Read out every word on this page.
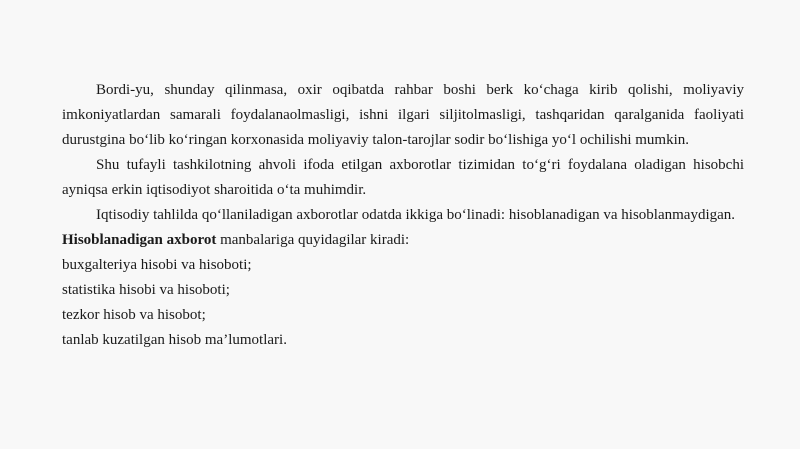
Bordi-yu, shunday qilinmasa, oxir oqibatda rahbar boshi berk ko‘chaga kirib qolishi, moliyaviy imkoniyatlardan samarali foydalanaolmasligi, ishni ilgari siljitolmasligi, tashqaridan qaralganida faoliyati durustgina bo‘lib ko‘ringan korxonasida moliyaviy talon-tarojlar sodir bo‘lishiga yo‘l ochilishi mumkin.

Shu tufayli tashkilotning ahvoli ifoda etilgan axborotlar tizimidan to‘g‘ri foydalana oladigan hisobchi ayniqsa erkin iqtisodiyot sharoitida o‘ta muhimdir.

Iqtisodiy tahlilda qo‘llaniladigan axborotlar odatda ikkiga bo‘linadi: hisoblanadigan va hisoblanmaydigan.

Hisoblanadigan axborot manbalariga quyidagilar kiradi:

buxgalteriya hisobi va hisoboti;

statistika hisobi va hisoboti;

tezkor hisob va hisobot;

tanlab kuzatilgan hisob ma’lumotlari.
